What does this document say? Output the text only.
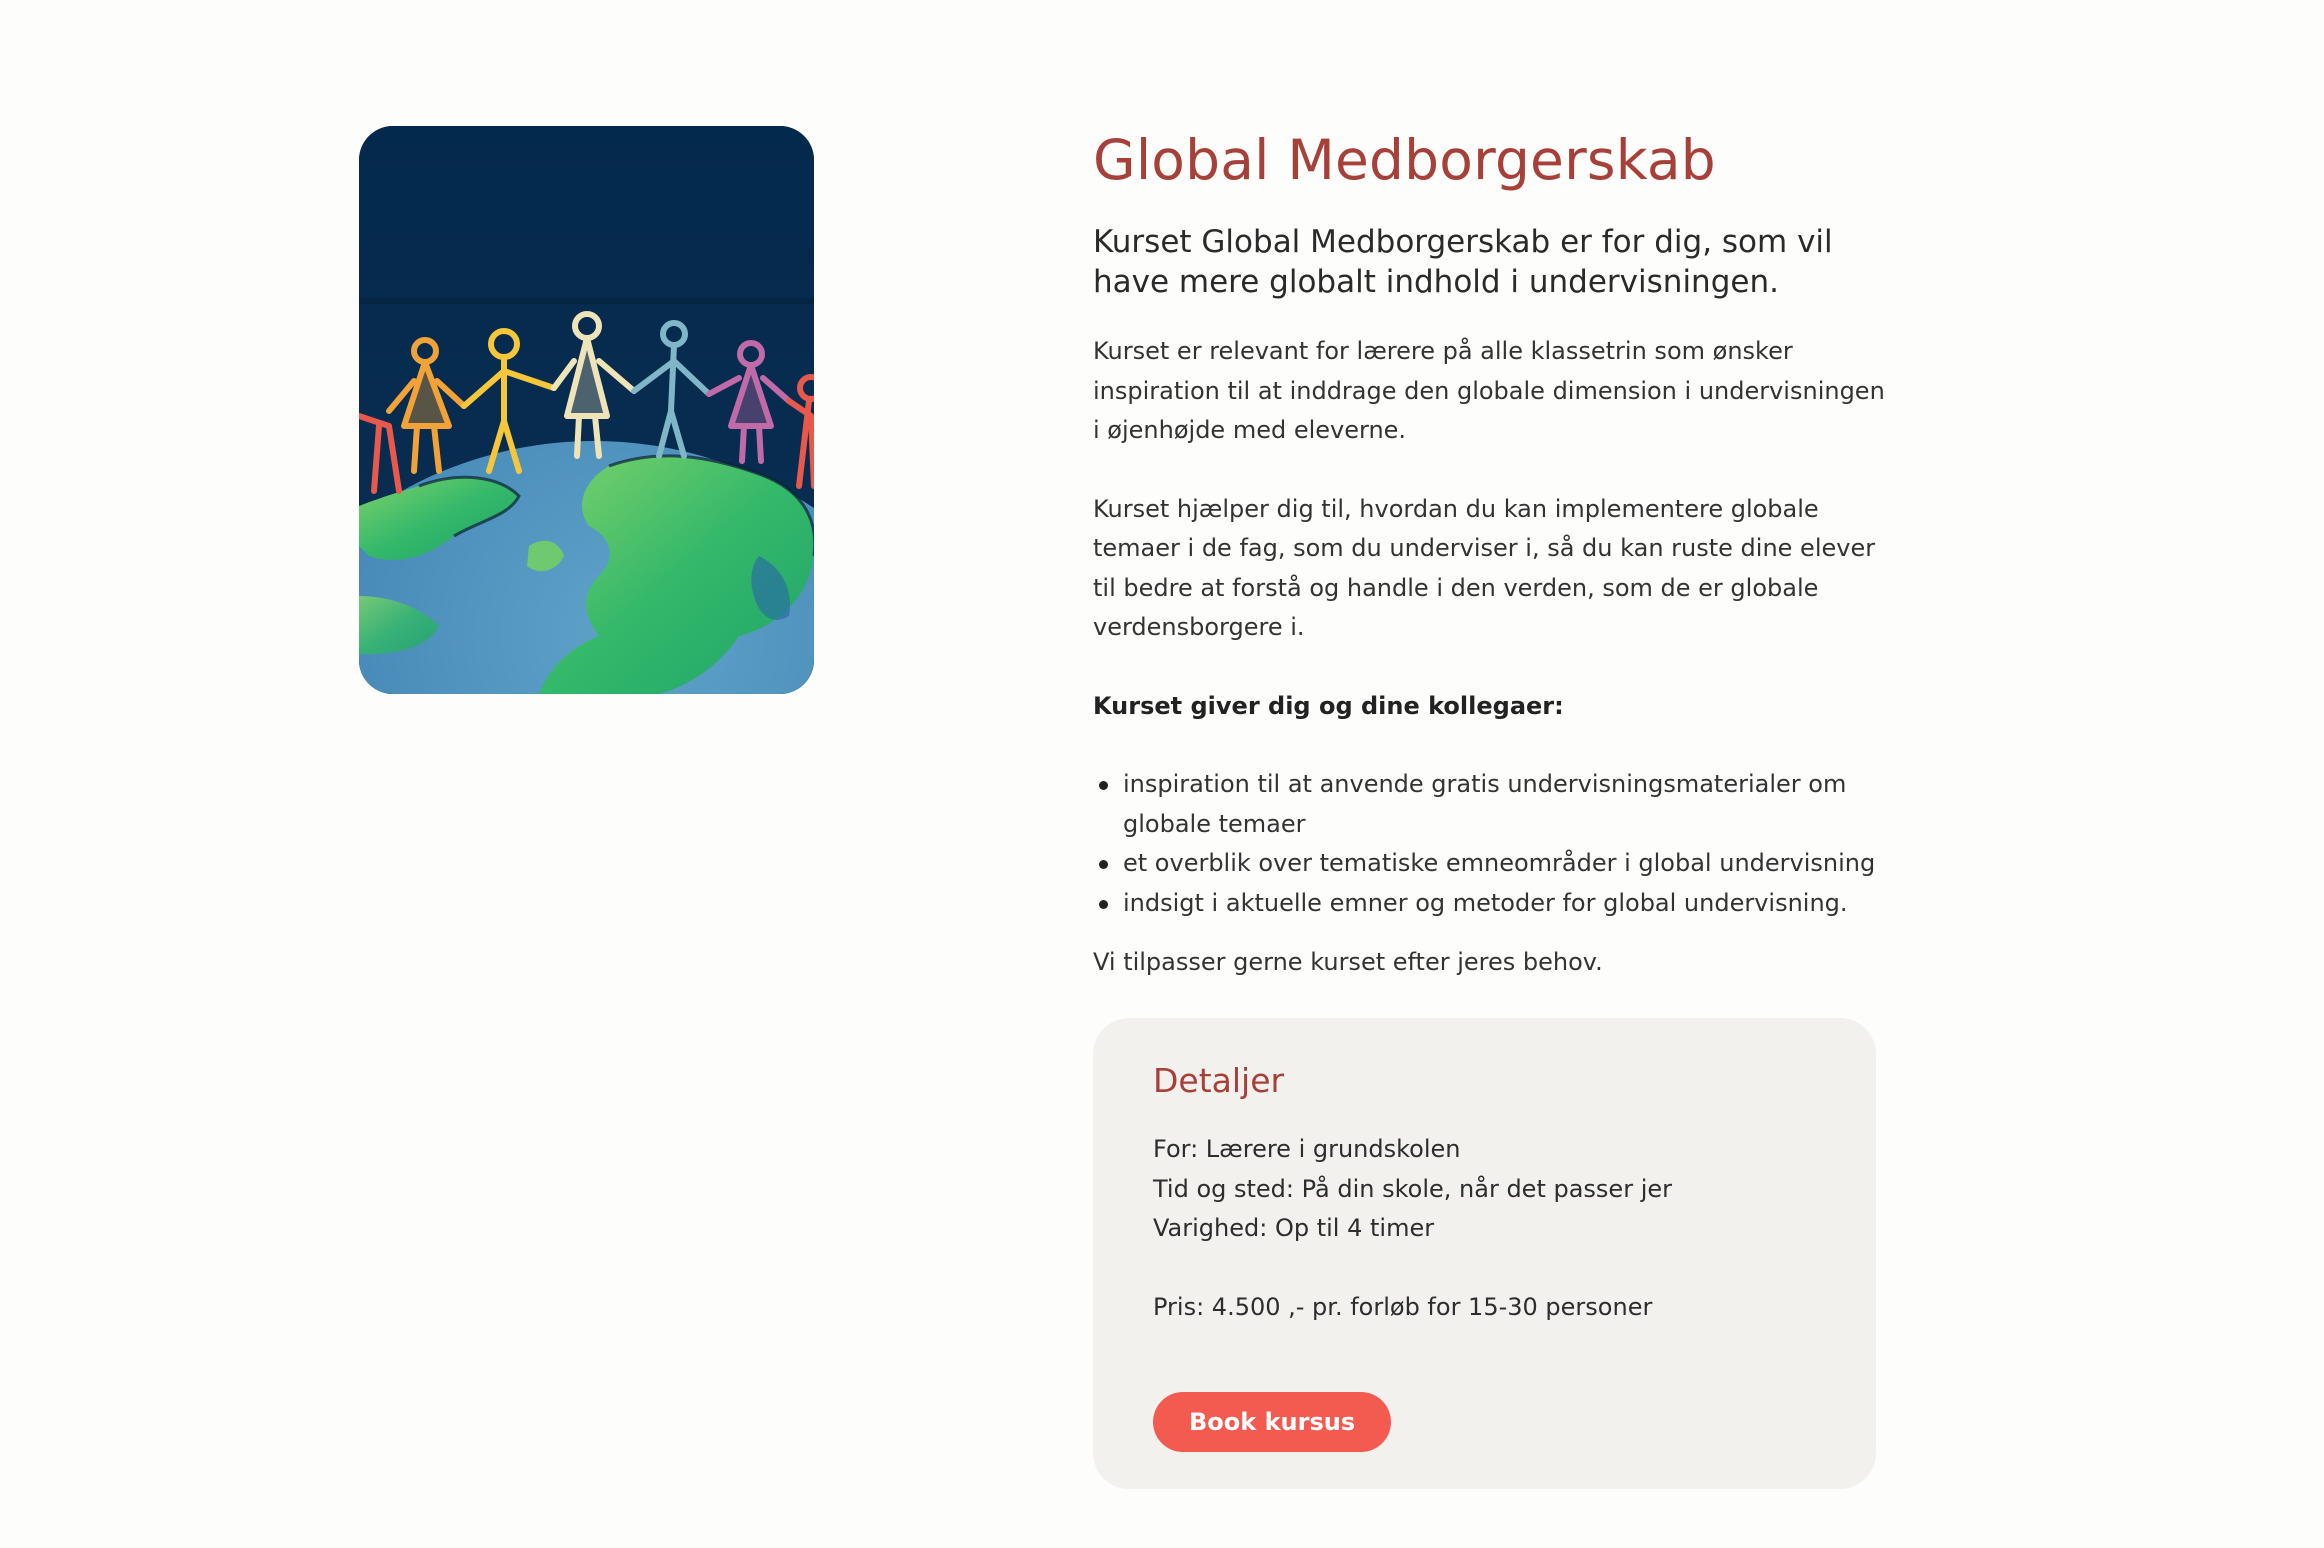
Global Medborgerskab

Kurset Global Medborgerskab er for dig, som vil have mere globalt indhold i undervisningen.

Kurset er relevant for lærere på alle klassetrin som ønsker inspiration til at inddrage den globale dimension i undervisningen i øjenhøjde med eleverne.

Kurset hjælper dig til, hvordan du kan implementere globale temaer i de fag, som du underviser i, så du kan ruste dine elever til bedre at forstå og handle i den verden, som de er globale verdensborgere i.

Kurset giver dig og dine kollegaer:

inspiration til at anvende gratis undervisningsmaterialer om globale temaer
et overblik over tematiske emneområder i global undervisning
indsigt i aktuelle emner og metoder for global undervisning.

Vi tilpasser gerne kurset efter jeres behov.

Detaljer
For: Lærere i grundskolen
Tid og sted: På din skole, når det passer jer
Varighed: Op til 4 timer
Pris: 4.500 ,- pr. forløb for 15-30 personer
Book kursus
